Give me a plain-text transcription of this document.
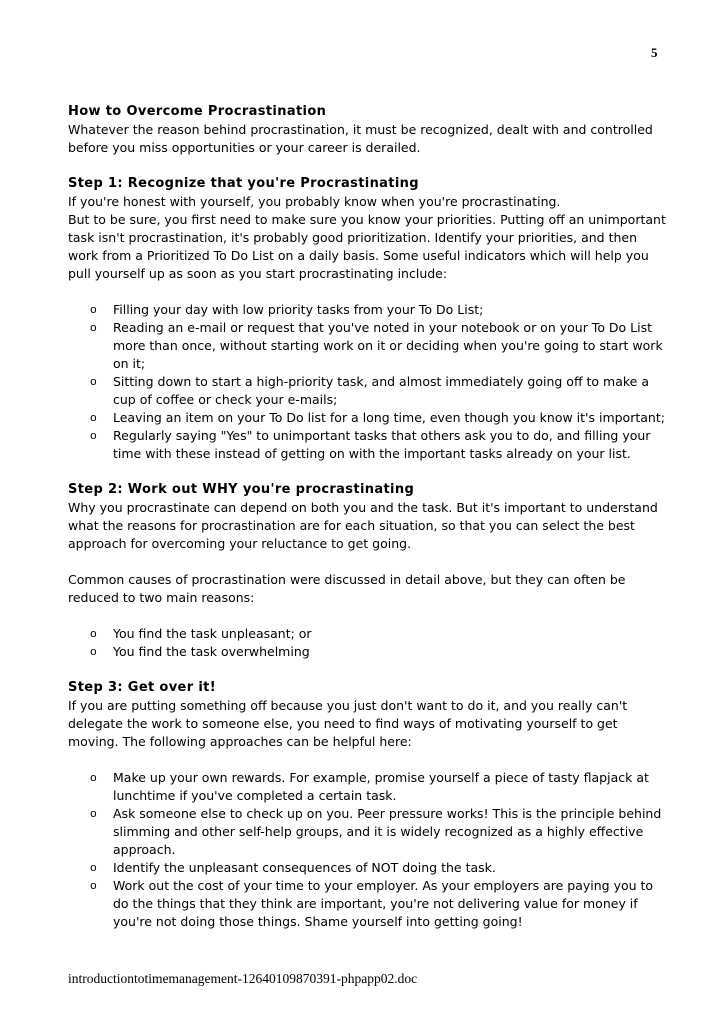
5
How to Overcome Procrastination

Whatever the reason behind procrastination, it must be recognized, dealt with and controlled before you miss opportunities or your career is derailed.

Step 1: Recognize that you're Procrastinating

If you're honest with yourself, you probably know when you're procrastinating.

But to be sure, you first need to make sure you know your priorities. Putting off an unimportant task isn't procrastination, it's probably good prioritization. Identify your priorities, and then work from a Prioritized To Do List on a daily basis. Some useful indicators which will help you pull yourself up as soon as you start procrastinating include:

o Filling your day with low priority tasks from your To Do List;
o Reading an e-mail or request that you've noted in your notebook or on your To Do List more than once, without starting work on it or deciding when you're going to start work on it;
o Sitting down to start a high-priority task, and almost immediately going off to make a cup of coffee or check your e-mails;
o Leaving an item on your To Do list for a long time, even though you know it's important;
o Regularly saying "Yes" to unimportant tasks that others ask you to do, and filling your time with these instead of getting on with the important tasks already on your list.
Step 2: Work out WHY you're procrastinating

Why you procrastinate can depend on both you and the task. But it's important to understand what the reasons for procrastination are for each situation, so that you can select the best approach for overcoming your reluctance to get going.

Common causes of procrastination were discussed in detail above, but they can often be reduced to two main reasons:

o You find the task unpleasant; or
o You find the task overwhelming
Step 3: Get over it!

If you are putting something off because you just don't want to do it, and you really can't delegate the work to someone else, you need to find ways of motivating yourself to get moving. The following approaches can be helpful here:

o Make up your own rewards. For example, promise yourself a piece of tasty flapjack at lunchtime if you've completed a certain task.
o Ask someone else to check up on you. Peer pressure works! This is the principle behind slimming and other self-help groups, and it is widely recognized as a highly effective approach.
o Identify the unpleasant consequences of NOT doing the task.
o Work out the cost of your time to your employer. As your employers are paying you to do the things that they think are important, you're not delivering value for money if you're not doing those things. Shame yourself into getting going!
introductiontotimemanagement-12640109870391-phpapp02.doc
